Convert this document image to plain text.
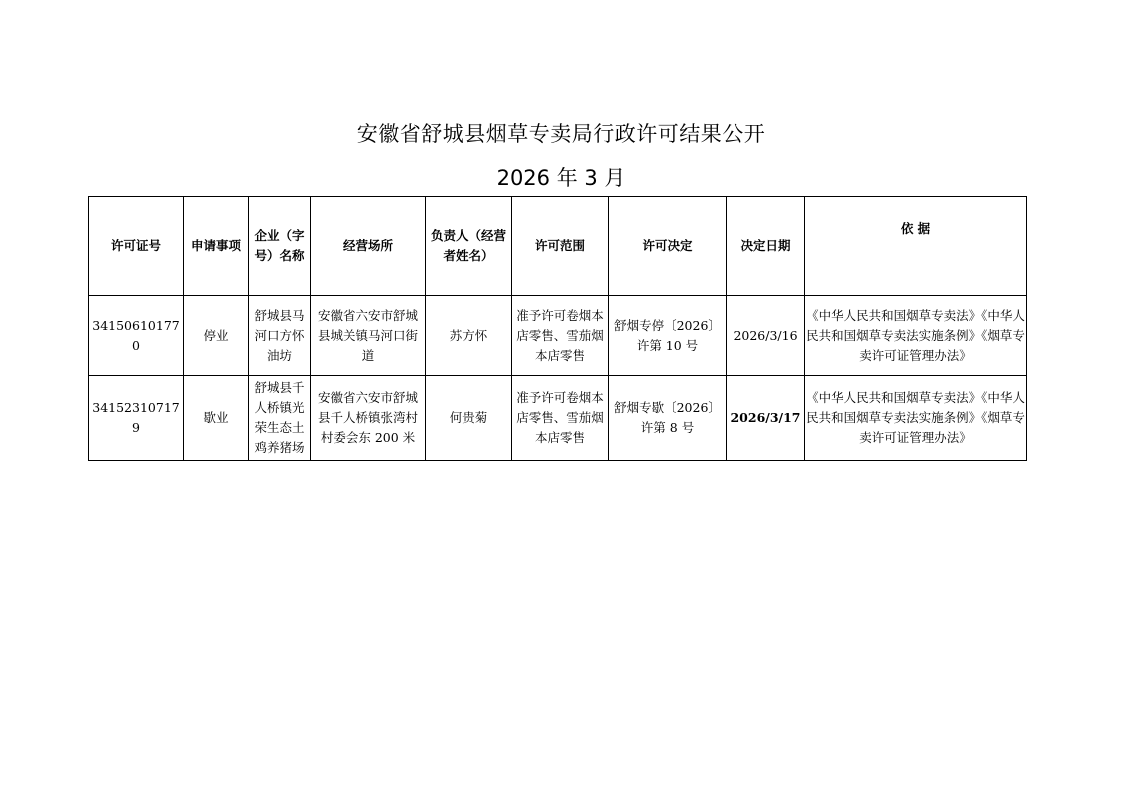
安徽省舒城县烟草专卖局行政许可结果公开
2026 年 3 月
许可证号	申请事项	企业（字号）名称	经营场所	负责人（经营者姓名）	许可范围	许可决定	决定日期	依 据
341506101770	停业	舒城县马河口方怀油坊	安徽省六安市舒城县城关镇马河口街道	苏方怀	准予许可卷烟本店零售、雪茄烟本店零售	舒烟专停〔2026〕许第 10 号	2026/3/16	《中华人民共和国烟草专卖法》《中华人民共和国烟草专卖法实施条例》《烟草专卖许可证管理办法》
341523107179	歇业	舒城县千人桥镇光荣生态土鸡养猪场	安徽省六安市舒城县千人桥镇张湾村村委会东 200 米	何贵菊	准予许可卷烟本店零售、雪茄烟本店零售	舒烟专歇〔2026〕许第 8 号	2026/3/17	《中华人民共和国烟草专卖法》《中华人民共和国烟草专卖法实施条例》《烟草专卖许可证管理办法》
